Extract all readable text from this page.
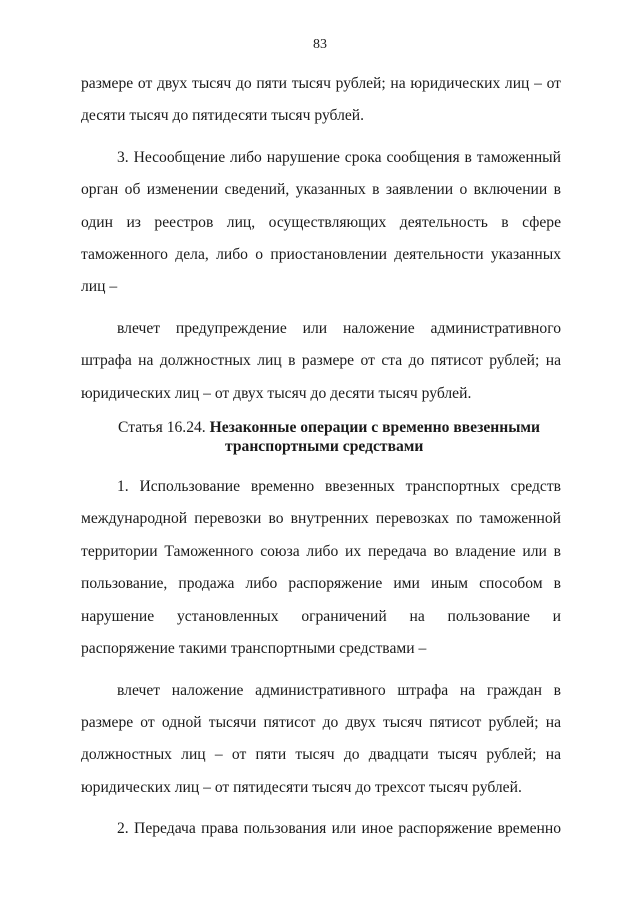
83

размере от двух тысяч до пяти тысяч рублей; на юридических лиц – от десяти тысяч до пятидесяти тысяч рублей.

3. Несообщение либо нарушение срока сообщения в таможенный орган об изменении сведений, указанных в заявлении о включении в один из реестров лиц, осуществляющих деятельность в сфере таможенного дела, либо о приостановлении деятельности указанных лиц –

влечет предупреждение или наложение административного штрафа на должностных лиц в размере от ста до пятисот рублей; на юридических лиц – от двух тысяч до десяти тысяч рублей.

Статья 16.24. Незаконные операции с временно ввезенными
транспортными средствами

1. Использование временно ввезенных транспортных средств международной перевозки во внутренних перевозках по таможенной территории Таможенного союза либо их передача во владение или в пользование, продажа либо распоряжение ими иным способом в нарушение установленных ограничений на пользование и распоряжение такими транспортными средствами –

влечет наложение административного штрафа на граждан в размере от одной тысячи пятисот до двух тысяч пятисот рублей; на должностных лиц – от пяти тысяч до двадцати тысяч рублей; на юридических лиц – от пятидесяти тысяч до трехсот тысяч рублей.

2. Передача права пользования или иное распоряжение временно
